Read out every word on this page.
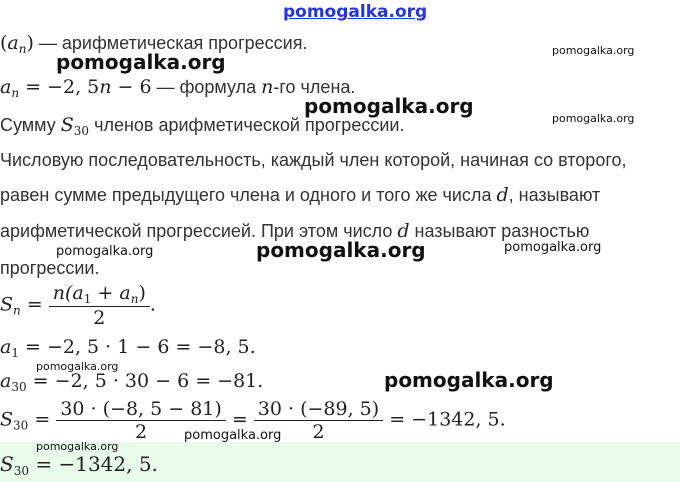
pomogalka.org
$(a_n)$ — арифметическая прогрессия.
$a_n = -2$, 5n − 6 — формула n-го члена.
Сумму $S_{30}$ членов арифметической прогрессии.
Числовую последовательность, каждый член которой, начиная со второго,
равен сумме предыдущего члена и одного и того же числа d, называют
арифметической прогрессией. При этом число d называют разностью
прогрессии.
$S_n = \frac{n(a_1 + a_n)}{2}$ .
$a_1 = -2$, 5 · 1 − 6 = −8, 5.
$a_{30} = -2$, 5 · 30 − 6 = −81.
$S_{30} = \frac{30 \cdot (-8, 5 - 81)}{2} = \frac{30 \cdot (-89, 5)}{2} = -1342$, 5.
$S_{30} = -1342$, 5.
pomogalka.org
pomogalka.org
pomogalka.org
pomogalka.org
pomogalka.org
pomogalka.org
pomogalka.org	pomogalka.org
pomogalka.org
pomogalka.org
pomogalka.org
